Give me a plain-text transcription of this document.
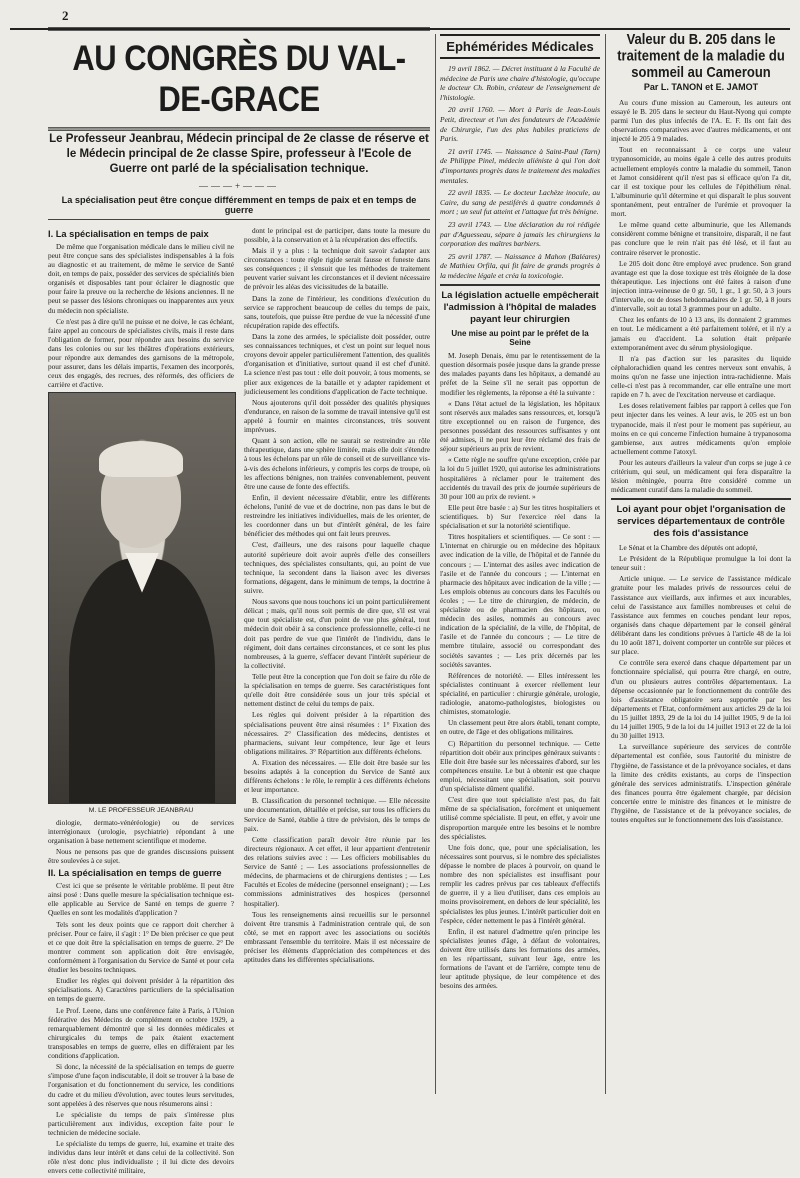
2
AU CONGRÈS DU VAL-DE-GRACE
Le Professeur Jeanbrau, Médecin principal de 2e classe de réserve et le Médecin principal de 2e classe Spire, professeur à l'Ecole de Guerre ont parlé de la spécialisation technique.
———+———
La spécialisation peut être conçue différemment en temps de paix et en temps de guerre
I. La spécialisation en temps de paix

De même que l'organisation médicale dans le milieu civil ne peut être conçue sans des spécialistes indispensables à la fois au diagnostic et au traitement, de même le service de Santé doit, en temps de paix, posséder des services de spécialités bien organisés et disposables tant pour éclairer le diagnostic que pour faire la preuve ou la recherche de lésions anciennes. Il ne peut se passer des lésions chroniques ou inapparentes aux yeux du médecin non spécialiste.

Ce n'est pas à dire qu'il ne puisse et ne doive, le cas échéant, faire appel au concours de spécialistes civils, mais il reste dans l'obligation de former, pour répondre aux besoins du service dans les colonies ou sur les théâtres d'opérations extérieurs, pour répondre aux demandes des garnisons de la métropole, pour assurer, dans les délais impartis, l'examen des incorporés, ceux des engagés, des recrues, des réformés, des officiers de carrière et d'active.

M. LE PROFESSEUR JEANBRAU

diologie, dermato-vénéréologie) ou de services interrégionaux (urologie, psychiatrie) répondant à une organisation à base nettement scientifique et moderne.

Nous ne pensons pas que de grandes discussions puissent être soulevées à ce sujet.

II. La spécialisation en temps de guerre

C'est ici que se présente le véritable problème. Il peut être ainsi posé : Dans quelle mesure la spécialisation technique est-elle applicable au Service de Santé en temps de guerre ? Quelles en sont les modalités d'application ?

Tels sont les deux points que ce rapport doit chercher à préciser. Pour ce faire, il s'agit : 1° De bien préciser ce que peut et ce que doit être la spécialisation en temps de guerre. 2° De montrer comment son application doit être envisagée, conformément à l'organisation du Service de Santé et pour cela étudier les besoins techniques.

Etudier les règles qui doivent présider à la répartition des spécialisations. A) Caractères particuliers de la spécialisation en temps de guerre.

Le Prof. Leene, dans une conférence faite à Paris, à l'Union fédérative des Médecins de complément en octobre 1929, a remarquablement démontré que si les données médicales et chirurgicales du temps de paix étaient exactement transposables en temps de guerre, elles en différaient par les conditions d'application.

Si donc, la nécessité de la spécialisation en temps de guerre s'impose d'une façon indiscutable, il doit se trouver à la base de l'organisation et du fonctionnement du service, les conditions du cadre et du milieu d'évolution, avec toutes leurs servitudes, sont appelées à des réserves que nous résumerons ainsi :

Le spécialiste du temps de paix s'intéresse plus particulièrement aux individus, exception faite pour le technicien de médecine sociale.

Le spécialiste du temps de guerre, lui, examine et traite des individus dans leur intérêt et dans celui de la collectivité. Son rôle n'est donc plus individualiste ; il lui dicte des devoirs envers cette collectivité militaire,

dont le principal est de participer, dans toute la mesure du possible, à la conservation et à la récupération des effectifs.

Mais il y a plus : la technique doit savoir s'adapter aux circonstances : toute règle rigide serait fausse et funeste dans ses conséquences ; il s'ensuit que les méthodes de traitement peuvent varier suivant les circonstances et il devient nécessaire de prévoir les aléas des vicissitudes de la bataille.

Dans la zone de l'intérieur, les conditions d'exécution du service se rapprochent beaucoup de celles du temps de paix, sans, toutefois, que puisse être perdue de vue la nécessité d'une récupération rapide des effectifs.

Dans la zone des armées, le spécialiste doit posséder, outre ses connaissances techniques, et c'est un point sur lequel nous croyons devoir appeler particulièrement l'attention, des qualités d'organisation et d'initiative, surtout quand il est chef d'unité. La science n'est pas tout : elle doit pouvoir, à tous moments, se plier aux exigences de la bataille et y adapter rapidement et judicieusement les conditions d'application de l'acte technique.

Nous ajouterons qu'il doit posséder des qualités physiques d'endurance, en raison de la somme de travail intensive qu'il est appelé à fournir en maintes circonstances, très souvent imprévues.

Quant à son action, elle ne saurait se restreindre au rôle thérapeutique, dans une sphère limitée, mais elle doit s'étendre à tous les échelons par un rôle de conseil et de surveillance vis-à-vis des échelons inférieurs, y compris les corps de troupe, où les affections bénignes, non traitées convenablement, peuvent être une cause de fonte des effectifs.

Enfin, il devient nécessaire d'établir, entre les différents échelons, l'unité de vue et de doctrine, non pas dans le but de restreindre les initiatives individuelles, mais de les orienter, de les coordonner dans un but d'intérêt général, de les faire bénéficier des méthodes qui ont fait leurs preuves.

C'est, d'ailleurs, une des raisons pour laquelle chaque autorité supérieure doit avoir auprès d'elle des conseillers techniques, des spécialistes consultants, qui, au point de vue technique, la secondent dans la liaison avec les diverses formations, dégagent, dans le minimum de temps, la doctrine à suivre.

Nous savons que nous touchons ici un point particulièrement délicat ; mais, qu'il nous soit permis de dire que, s'il est vrai que tout spécialiste est, d'un point de vue plus général, tout médecin doit obéir à sa conscience professionnelle, celle-ci ne doit pas perdre de vue que l'intérêt de l'individu, dans le régiment, doit dans certaines circonstances, et ce sont les plus nombreuses, à la guerre, s'effacer devant l'intérêt supérieur de la collectivité.

Telle peut être la conception que l'on doit se faire du rôle de la spécialisation en temps de guerre. Ses caractéristiques font qu'elle doit être considérée sous un jour très spécial et nettement distinct de celui du temps de paix.

Les règles qui doivent présider à la répartition des spécialisations peuvent être ainsi résumées : 1° Fixation des nécessaires. 2° Classification des médecins, dentistes et pharmaciens, suivant leur compétence, leur âge et leurs obligations militaires. 3° Répartition aux différents échelons.

A. Fixation des nécessaires. — Elle doit être basée sur les besoins adaptés à la conception du Service de Santé aux différents échelons : le rôle, le remplir à ces différents échelons et leur importance.

B. Classification du personnel technique. — Elle nécessite une documentation, détaillée et précise, sur tous les officiers du Service de Santé, établie à titre de prévision, dès le temps de paix.

Cette classification paraît devoir être réunie par les directeurs régionaux. A cet effet, il leur appartient d'entretenir des relations suivies avec : — Les officiers mobilisables du Service de Santé ; — Les associations professionnelles de médecins, de pharmaciens et de chirurgiens dentistes ; — Les Facultés et Ecoles de médecine (personnel enseignant) ; — Les commissions administratives des hospices (personnel hospitalier).

Tous les renseignements ainsi recueillis sur le personnel doivent être transmis à l'administration centrale qui, de son côté, se met en rapport avec les associations ou sociétés embrassant l'ensemble du territoire. Mais il est nécessaire de préciser les éléments d'appréciation des compétences et des aptitudes dans les différentes spécialisations.

Ephémérides Médicales

19 avril 1862. — Décret instituant à la Faculté de médecine de Paris une chaire d'histologie, qu'occupe le docteur Ch. Robin, créateur de l'enseignement de l'histologie.

20 avril 1760. — Mort à Paris de Jean-Louis Petit, directeur et l'un des fondateurs de l'Académie de Chirurgie, l'un des plus habiles praticiens de Paris.

21 avril 1745. — Naissance à Saint-Paul (Tarn) de Philippe Pinel, médecin aliéniste à qui l'on doit d'importants progrès dans le traitement des maladies mentales.

22 avril 1835. — Le docteur Lachèze inocule, au Caire, du sang de pestiférés à quatre condamnés à mort ; un seul fut atteint et l'attaque fut très bénigne.

23 avril 1743. — Une déclaration du roi rédigée par d'Aguesseau, sépare à jamais les chirurgiens la corporation des maîtres barbiers.

25 avril 1787. — Naissance à Mahon (Baléares) de Mathieu Orfila, qui fit faire de grands progrès à la médecine légale et créa la toxicologie.

La législation actuelle empêcherait l'admission à l'hôpital de malades payant leur chirurgien
Une mise au point par le préfet de la Seine

M. Joseph Denais, ému par le retentissement de la question désormais posée jusque dans la grande presse des malades payants dans les hôpitaux, a demandé au préfet de la Seine s'il ne serait pas opportun de modifier les règlements, la réponse a été la suivante :

« Dans l'état actuel de la législation, les hôpitaux sont réservés aux malades sans ressources, et, lorsqu'à titre exceptionnel ou en raison de l'urgence, des personnes possédant des ressources suffisantes y ont été admises, il ne peut leur être réclamé des frais de séjour supérieurs au prix de revient.

« Cette règle ne souffre qu'une exception, créée par la loi du 5 juillet 1920, qui autorise les administrations hospitalières à réclamer pour le traitement des accidentés du travail des prix de journée supérieurs de 30 pour 100 au prix de revient. »

Elle peut être basée : a) Sur les titres hospitaliers et scientifiques. b) Sur l'exercice réel dans la spécialisation et sur la notoriété scientifique.

Titres hospitaliers et scientifiques. — Ce sont : — L'internat en chirurgie ou en médecine des hôpitaux avec indication de la ville, de l'hôpital et de l'année du concours ; — L'internat des asiles avec indication de l'asile et de l'année du concours ; — L'internat en pharmacie des hôpitaux avec indication de la ville ; — Les emplois obtenus au concours dans les Facultés ou écoles ; — Le titre de chirurgien, de médecin, de spécialiste ou de pharmacien des hôpitaux, ou médecin des asiles, nommés au concours avec indication de la spécialité, de la ville, de l'hôpital, de l'asile et de l'année du concours ; — Le titre de membre titulaire, associé ou correspondant des sociétés savantes ; — Les prix décernés par les sociétés savantes.

Références de notoriété. — Elles intéressent les spécialistes continuant à exercer réellement leur spécialité, en particulier : chirurgie générale, urologie, radiologie, anatomo-pathologistes, biologistes ou chimistes, stomatologie.

Un classement peut être alors établi, tenant compte, en outre, de l'âge et des obligations militaires.

C) Répartition du personnel technique. — Cette répartition doit obéir aux principes généraux suivants : Elle doit être basée sur les nécessaires d'abord, sur les compétences ensuite. Le but à obtenir est que chaque emploi, nécessitant une spécialisation, soit pourvu d'un spécialiste dûment qualifié.

C'est dire que tout spécialiste n'est pas, du fait même de sa spécialisation, forcément et uniquement utilisé comme spécialiste. Il peut, en effet, y avoir une disproportion marquée entre les besoins et le nombre des spécialistes.

Une fois donc, que, pour une spécialisation, les nécessaires sont pourvus, si le nombre des spécialistes dépasse le nombre de places à pourvoir, on quand le nombre des non spécialistes est insuffisant pour remplir les cadres prévus par ces tableaux d'effectifs de guerre, il y a lieu d'utiliser, dans ces emplois au moins provisoirement, en dehors de leur spécialité, les spécialistes les plus jeunes. L'intérêt particulier doit en l'espèce, céder nettement le pas à l'intérêt général.

Enfin, il est naturel d'admettre qu'en principe les spécialistes jeunes d'âge, à défaut de volontaires, doivent être utilisés dans les formations des armées, en les répartissant, suivant leur âge, entre les formations de l'avant et de l'arrière, compte tenu de leur aptitude physique, de leur compétence et des besoins des armées.

Valeur du B. 205 dans le traitement de la maladie du sommeil au Cameroun
Par L. TANON et E. JAMOT

Au cours d'une mission au Cameroun, les auteurs ont essayé le B. 205 dans le secteur du Haut-Nyong qui compte parmi l'un des plus infectés de l'A. E. F. Ils ont fait des observations comparatives avec d'autres médicaments, et ont injecté le 205 à 9 malades.

Tout en reconnaissant à ce corps une valeur trypanosomicide, au moins égale à celle des autres produits actuellement employés contre la maladie du sommeil, Tanon et Jamot considèrent qu'il n'est pas si efficace qu'on l'a dit, car il est toxique pour les cellules de l'épithélium rénal. L'albuminurie qu'il détermine et qui disparaît le plus souvent spontanément, peut entraîner de l'urémie et provoquer la mort.

Le même quand cette albuminurie, que les Allemands considèrent comme bénigne et transitoire, disparaît, il ne faut pas conclure que le rein n'ait pas été lésé, et il faut au contraire réserver le pronostic.

Le 205 doit donc être employé avec prudence. Son grand avantage est que la dose toxique est très éloignée de la dose thérapeutique. Les injections ont été faites à raison d'une injection intra-veineuse de 0 gr. 50, 1 gr., 1 gr. 50, à 3 jours d'intervalle, ou de doses hebdomadaires de 1 gr. 50, à 8 jours d'intervalle, soit au total 3 grammes pour un adulte.

Chez les enfants de 10 à 13 ans, ils donnaient 2 grammes en tout. Le médicament a été parfaitement toléré, et il n'y a jamais eu d'accident. La solution était préparée extemporanément avec du sérum physiologique.

Il n'a pas d'action sur les parasites du liquide céphalorachidien quand les centres nerveux sont envahis, à moins qu'on ne fasse une injection intra-rachidienne. Mais celle-ci n'est pas à recommander, car elle entraîne une mort rapide en 7 h. avec de l'excitation nerveuse et cardiaque.

Les doses relativement faibles par rapport à celles que l'on peut injecter dans les veines. A leur avis, le 205 est un bon trypanocide, mais il n'est pour le moment pas supérieur, au moins en ce qui concerne l'infection humaine à trypanosoma gambiense, aux autres médicaments qu'on emploie actuellement comme l'atoxyl.

Pour les auteurs d'ailleurs la valeur d'un corps se juge à ce critérium, qui seul, un médicament qui fera disparaître la lésion méningée, pourra être considéré comme un médicament curatif dans la maladie du sommeil.

Loi ayant pour objet l'organisation de services départementaux de contrôle des fois d'assistance

Le Sénat et la Chambre des députés ont adopté,

Le Président de la République promulgue la loi dont la teneur suit :

Article unique. — Le service de l'assistance médicale gratuite pour les malades privés de ressources celui de l'assistance aux vieillards, aux infirmes et aux incurables, celui de l'assistance aux familles nombreuses et celui de l'assistance aux femmes en couches pendant leur repos, organisés dans chaque département par le conseil général délibérant dans les conditions prévues à l'article 48 de la loi du 10 août 1871, doivent comporter un contrôle sur pièces et sur place.

Ce contrôle sera exercé dans chaque département par un fonctionnaire spécialisé, qui pourra être chargé, en outre, d'un ou plusieurs autres contrôles départementaux. La dépense occasionnée par le fonctionnement du contrôle des lois d'assistance obligatoire sera supportée par les départements et l'Etat, conformément aux articles 29 de la loi du 15 juillet 1893, 29 de la loi du 14 juillet 1905, 9 de la loi du 14 juillet 1905, 9 de la loi du 14 juillet 1913 et 22 de la loi du 30 juillet 1913.

La surveillance supérieure des services de contrôle départemental est confiée, sous l'autorité du ministre de l'hygiène, de l'assistance et de la prévoyance sociales, et dans la limite des crédits existants, au corps de l'inspection générale des services administratifs. L'inspection générale des finances pourra être également chargée, par décision concertée entre le ministre des finances et le ministre de l'hygiène, de l'assistance et de la prévoyance sociales, de toutes enquêtes sur le fonctionnement des lois d'assistance.
